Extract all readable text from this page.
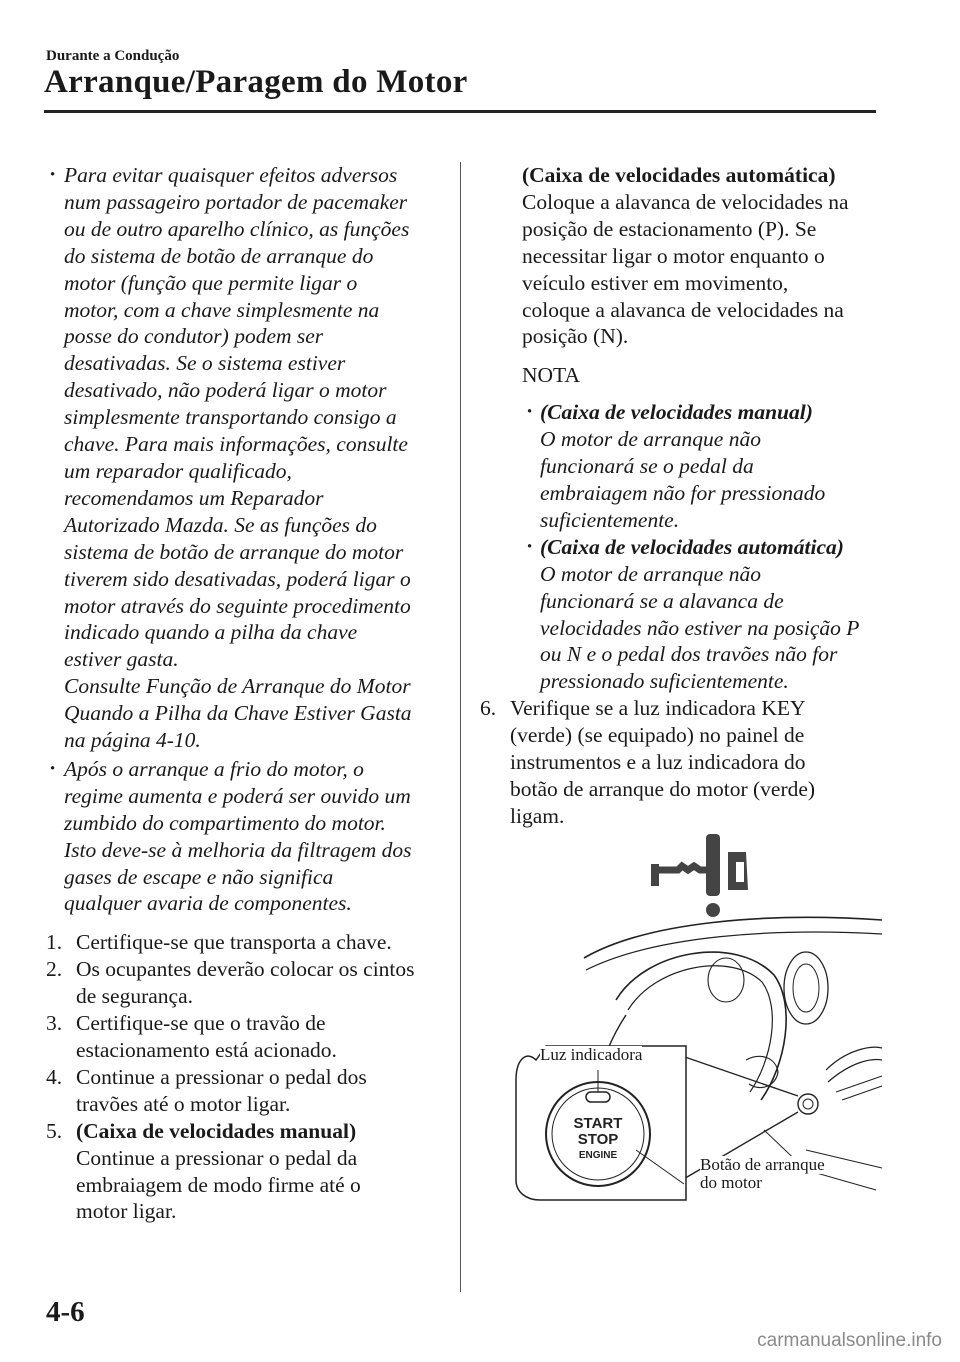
Durante a Condução
Arranque/Paragem do Motor
· Para evitar quaisquer efeitos adversos
num passageiro portador de pacemaker
ou de outro aparelho clínico, as funções
do sistema de botão de arranque do
motor (função que permite ligar o
motor, com a chave simplesmente na
posse do condutor) podem ser
desativadas. Se o sistema estiver
desativado, não poderá ligar o motor
simplesmente transportando consigo a
chave. Para mais informações, consulte
um reparador qualificado,
recomendamos um Reparador
Autorizado Mazda. Se as funções do
sistema de botão de arranque do motor
tiverem sido desativadas, poderá ligar o
motor através do seguinte procedimento
indicado quando a pilha da chave
estiver gasta.
Consulte Função de Arranque do Motor
Quando a Pilha da Chave Estiver Gasta
na página 4-10.
· Após o arranque a frio do motor, o
regime aumenta e poderá ser ouvido um
zumbido do compartimento do motor.
Isto deve-se à melhoria da filtragem dos
gases de escape e não significa
qualquer avaria de componentes.
1. Certifique-se que transporta a chave.
2. Os ocupantes deverão colocar os cintos
de segurança.
3. Certifique-se que o travão de
estacionamento está acionado.
4. Continue a pressionar o pedal dos
travões até o motor ligar.
5. (Caixa de velocidades manual)
Continue a pressionar o pedal da
embraiagem de modo firme até o
motor ligar.
(Caixa de velocidades automática)
Coloque a alavanca de velocidades na
posição de estacionamento (P). Se
necessitar ligar o motor enquanto o
veículo estiver em movimento,
coloque a alavanca de velocidades na
posição (N).
NOTA
· (Caixa de velocidades manual)
O motor de arranque não
funcionará se o pedal da
embraiagem não for pressionado
suficientemente.
· (Caixa de velocidades automática)
O motor de arranque não
funcionará se a alavanca de
velocidades não estiver na posição P
ou N e o pedal dos travões não for
pressionado suficientemente.
6. Verifique se a luz indicadora KEY
(verde) (se equipado) no painel de
instrumentos e a luz indicadora do
botão de arranque do motor (verde)
ligam.
START
STOP
ENGINE
Luz indicadora
Botão de arranque
do motor
4-6
carmanualsonline.info
